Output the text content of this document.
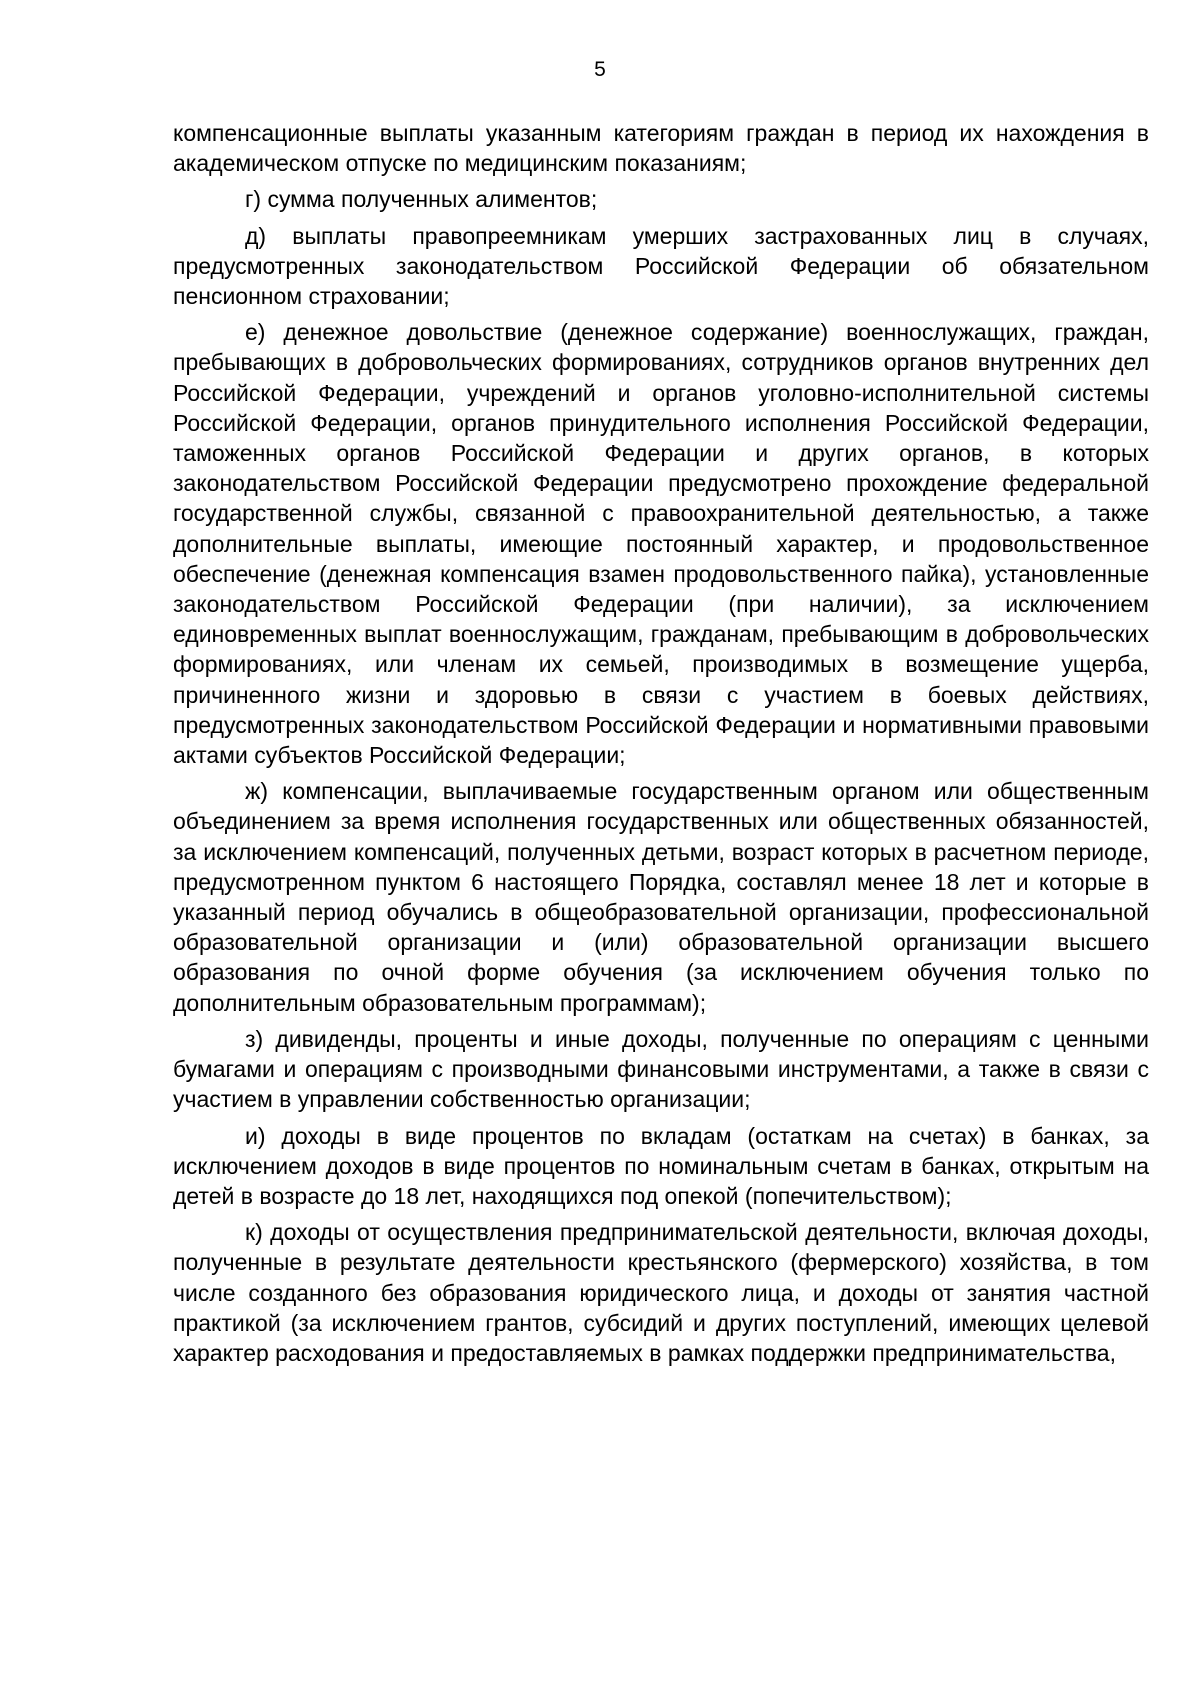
5

компенсационные выплаты указанным категориям граждан в период их нахождения в академическом отпуске по медицинским показаниям;

г) сумма полученных алиментов;

д) выплаты правопреемникам умерших застрахованных лиц в случаях, предусмотренных законодательством Российской Федерации об обязательном пенсионном страховании;

е) денежное довольствие (денежное содержание) военнослужащих, граждан, пребывающих в добровольческих формированиях, сотрудников органов внутренних дел Российской Федерации, учреждений и органов уголовно-исполнительной системы Российской Федерации, органов принудительного исполнения Российской Федерации, таможенных органов Российской Федерации и других органов, в которых законодательством Российской Федерации предусмотрено прохождение федеральной государственной службы, связанной с правоохранительной деятельностью, а также дополнительные выплаты, имеющие постоянный характер, и продовольственное обеспечение (денежная компенсация взамен продовольственного пайка), установленные законодательством Российской Федерации (при наличии), за исключением единовременных выплат военнослужащим, гражданам, пребывающим в добровольческих формированиях, или членам их семьей, производимых в возмещение ущерба, причиненного жизни и здоровью в связи с участием в боевых действиях, предусмотренных законодательством Российской Федерации и нормативными правовыми актами субъектов Российской Федерации;

ж) компенсации, выплачиваемые государственным органом или общественным объединением за время исполнения государственных или общественных обязанностей, за исключением компенсаций, полученных детьми, возраст которых в расчетном периоде, предусмотренном пунктом 6 настоящего Порядка, составлял менее 18 лет и которые в указанный период обучались в общеобразовательной организации, профессиональной образовательной организации и (или) образовательной организации высшего образования по очной форме обучения (за исключением обучения только по дополнительным образовательным программам);

з) дивиденды, проценты и иные доходы, полученные по операциям с ценными бумагами и операциям с производными финансовыми инструментами, а также в связи с участием в управлении собственностью организации;

и) доходы в виде процентов по вкладам (остаткам на счетах) в банках, за исключением доходов в виде процентов по номинальным счетам в банках, открытым на детей в возрасте до 18 лет, находящихся под опекой (попечительством);

к) доходы от осуществления предпринимательской деятельности, включая доходы, полученные в результате деятельности крестьянского (фермерского) хозяйства, в том числе созданного без образования юридического лица, и доходы от занятия частной практикой (за исключением грантов, субсидий и других поступлений, имеющих целевой характер расходования и предоставляемых в рамках поддержки предпринимательства,
